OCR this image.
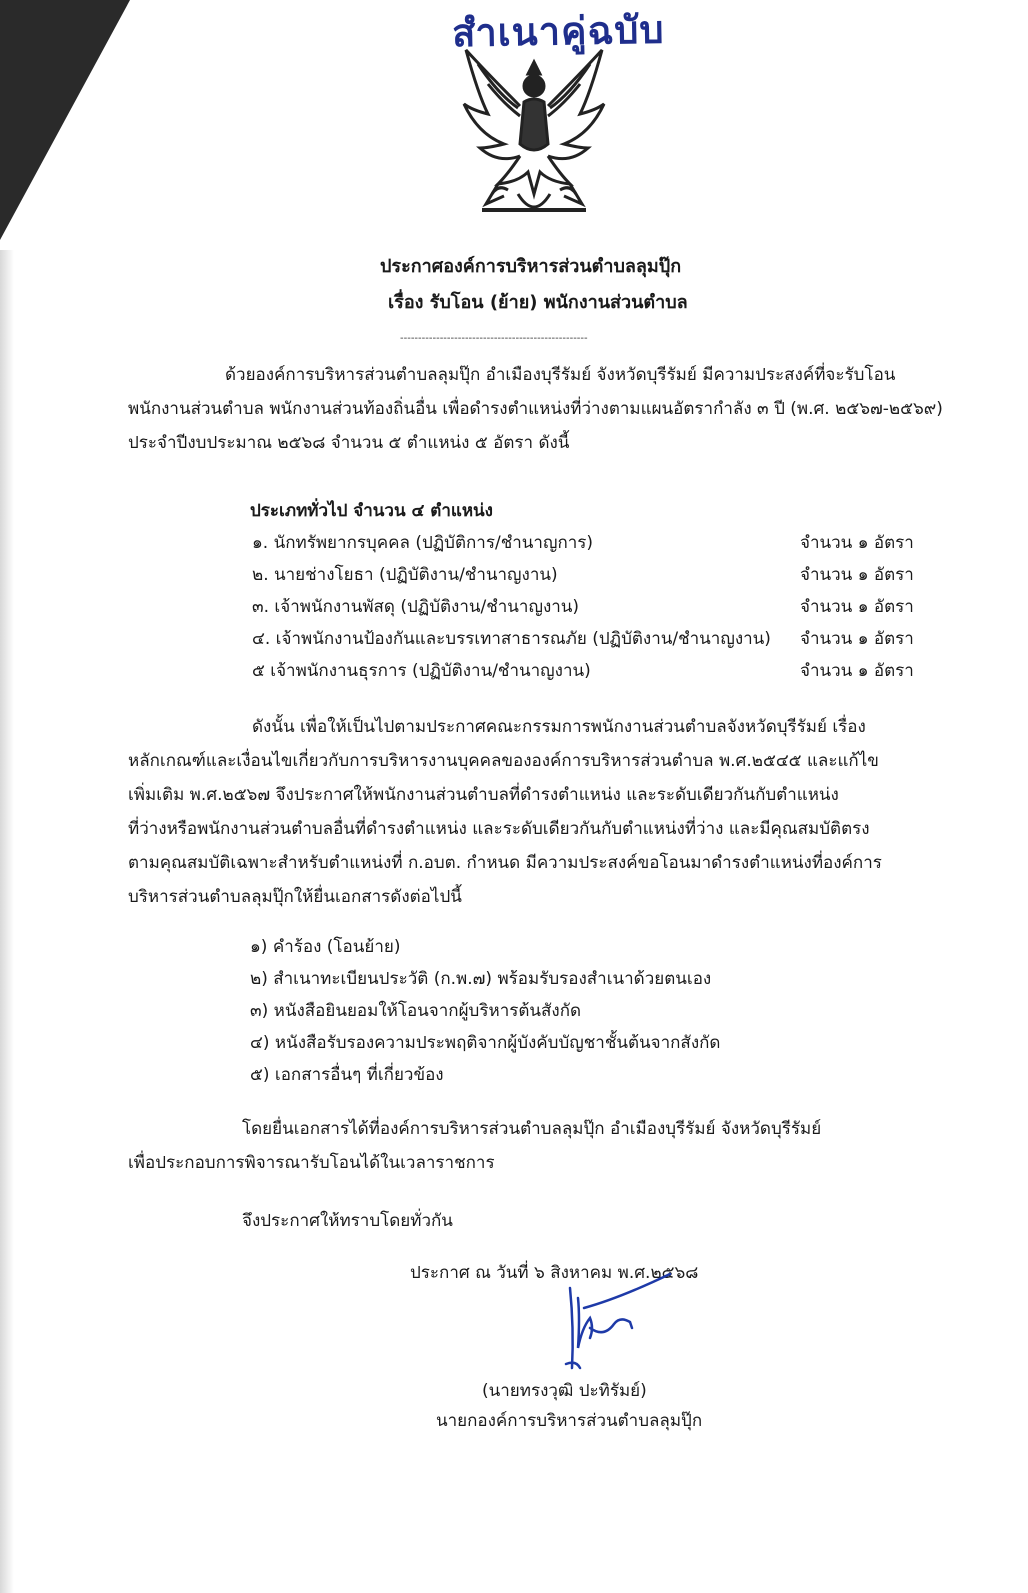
สำเนาคู่ฉบับ
ประกาศองค์การบริหารส่วนตำบลลุมปุ๊ก
เรื่อง รับโอน (ย้าย) พนักงานส่วนตำบล
----------------------------------------------------
ด้วยองค์การบริหารส่วนตำบลลุมปุ๊ก อำเมืองบุรีรัมย์ จังหวัดบุรีรัมย์ มีความประสงค์ที่จะรับโอน
พนักงานส่วนตำบล พนักงานส่วนท้องถิ่นอื่น เพื่อดำรงตำแหน่งที่ว่างตามแผนอัตรากำลัง ๓ ปี (พ.ศ. ๒๕๖๗-๒๕๖๙)
ประจำปีงบประมาณ ๒๕๖๘ จำนวน ๕ ตำแหน่ง ๕ อัตรา ดังนี้
ประเภททั่วไป จำนวน ๔ ตำแหน่ง
๑. นักทรัพยากรบุคคล (ปฏิบัติการ/ชำนาญการ)	จำนวน ๑ อัตรา
๒. นายช่างโยธา (ปฏิบัติงาน/ชำนาญงาน)	จำนวน ๑ อัตรา
๓. เจ้าพนักงานพัสดุ (ปฏิบัติงาน/ชำนาญงาน)	จำนวน ๑ อัตรา
๔. เจ้าพนักงานป้องกันและบรรเทาสาธารณภัย (ปฏิบัติงาน/ชำนาญงาน) จำนวน ๑ อัตรา
๕ เจ้าพนักงานธุรการ (ปฏิบัติงาน/ชำนาญงาน)	จำนวน ๑ อัตรา
ดังนั้น เพื่อให้เป็นไปตามประกาศคณะกรรมการพนักงานส่วนตำบลจังหวัดบุรีรัมย์ เรื่อง
หลักเกณฑ์และเงื่อนไขเกี่ยวกับการบริหารงานบุคคลขององค์การบริหารส่วนตำบล พ.ศ.๒๕๔๕ และแก้ไข
เพิ่มเติม พ.ศ.๒๕๖๗ จึงประกาศให้พนักงานส่วนตำบลที่ดำรงตำแหน่ง และระดับเดียวกันกับตำแหน่ง
ที่ว่างหรือพนักงานส่วนตำบลอื่นที่ดำรงตำแหน่ง และระดับเดียวกันกับตำแหน่งที่ว่าง และมีคุณสมบัติตรง
ตามคุณสมบัติเฉพาะสำหรับตำแหน่งที่ ก.อบต. กำหนด มีความประสงค์ขอโอนมาดำรงตำแหน่งที่องค์การ
บริหารส่วนตำบลลุมปุ๊กให้ยื่นเอกสารดังต่อไปนี้
๑) คำร้อง (โอนย้าย)
๒) สำเนาทะเบียนประวัติ (ก.พ.๗) พร้อมรับรองสำเนาด้วยตนเอง
๓) หนังสือยินยอมให้โอนจากผู้บริหารต้นสังกัด
๔) หนังสือรับรองความประพฤติจากผู้บังคับบัญชาชั้นต้นจากสังกัด
๕) เอกสารอื่นๆ ที่เกี่ยวข้อง
โดยยื่นเอกสารได้ที่องค์การบริหารส่วนตำบลลุมปุ๊ก อำเมืองบุรีรัมย์ จังหวัดบุรีรัมย์
เพื่อประกอบการพิจารณารับโอนได้ในเวลาราชการ
จึงประกาศให้ทราบโดยทั่วกัน
ประกาศ ณ วันที่ ๖ สิงหาคม พ.ศ.๒๕๖๘
(นายทรงวุฒิ ปะทิรัมย์)
นายกองค์การบริหารส่วนตำบลลุมปุ๊ก
